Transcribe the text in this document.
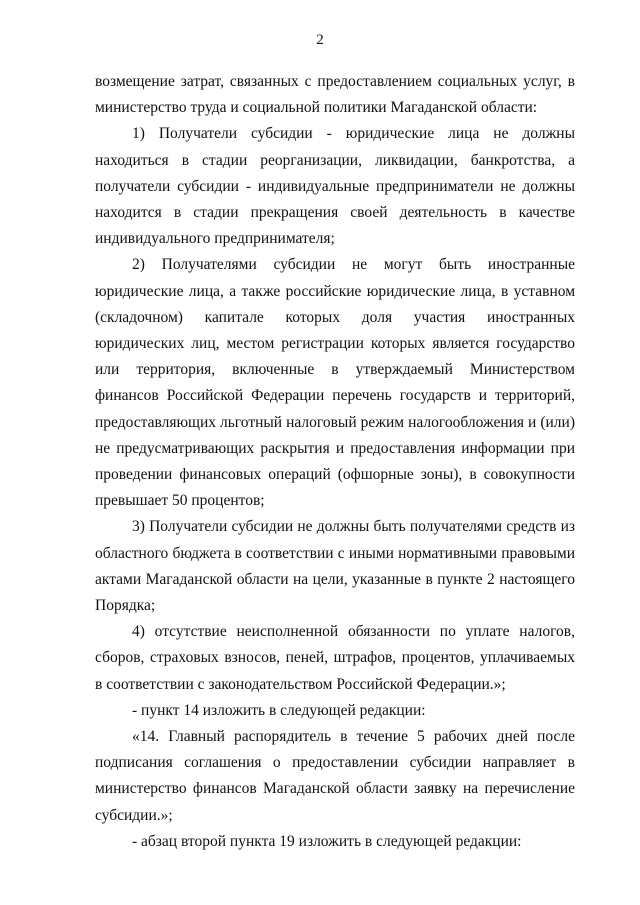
2

возмещение затрат, связанных с предоставлением социальных услуг, в министерство труда и социальной политики Магаданской области:

1) Получатели субсидии - юридические лица не должны находиться в стадии реорганизации, ликвидации, банкротства, а получатели субсидии - индивидуальные предприниматели не должны находится в стадии прекращения своей деятельность в качестве индивидуального предпринимателя;

2) Получателями субсидии не могут быть иностранные юридические лица, а также российские юридические лица, в уставном (складочном) капитале которых доля участия иностранных юридических лиц, местом регистрации которых является государство или территория, включенные в утверждаемый Министерством финансов Российской Федерации перечень государств и территорий, предоставляющих льготный налоговый режим налогообложения и (или) не предусматривающих раскрытия и предоставления информации при проведении финансовых операций (офшорные зоны), в совокупности превышает 50 процентов;

3) Получатели субсидии не должны быть получателями средств из областного бюджета в соответствии с иными нормативными правовыми актами Магаданской области на цели, указанные в пункте 2 настоящего Порядка;

4) отсутствие неисполненной обязанности по уплате налогов, сборов, страховых взносов, пеней, штрафов, процентов, уплачиваемых в соответствии с законодательством Российской Федерации.»;

- пункт 14 изложить в следующей редакции:

«14. Главный распорядитель в течение 5 рабочих дней после подписания соглашения о предоставлении субсидии направляет в министерство финансов Магаданской области заявку на перечисление субсидии.»;

- абзац второй пункта 19 изложить в следующей редакции:
